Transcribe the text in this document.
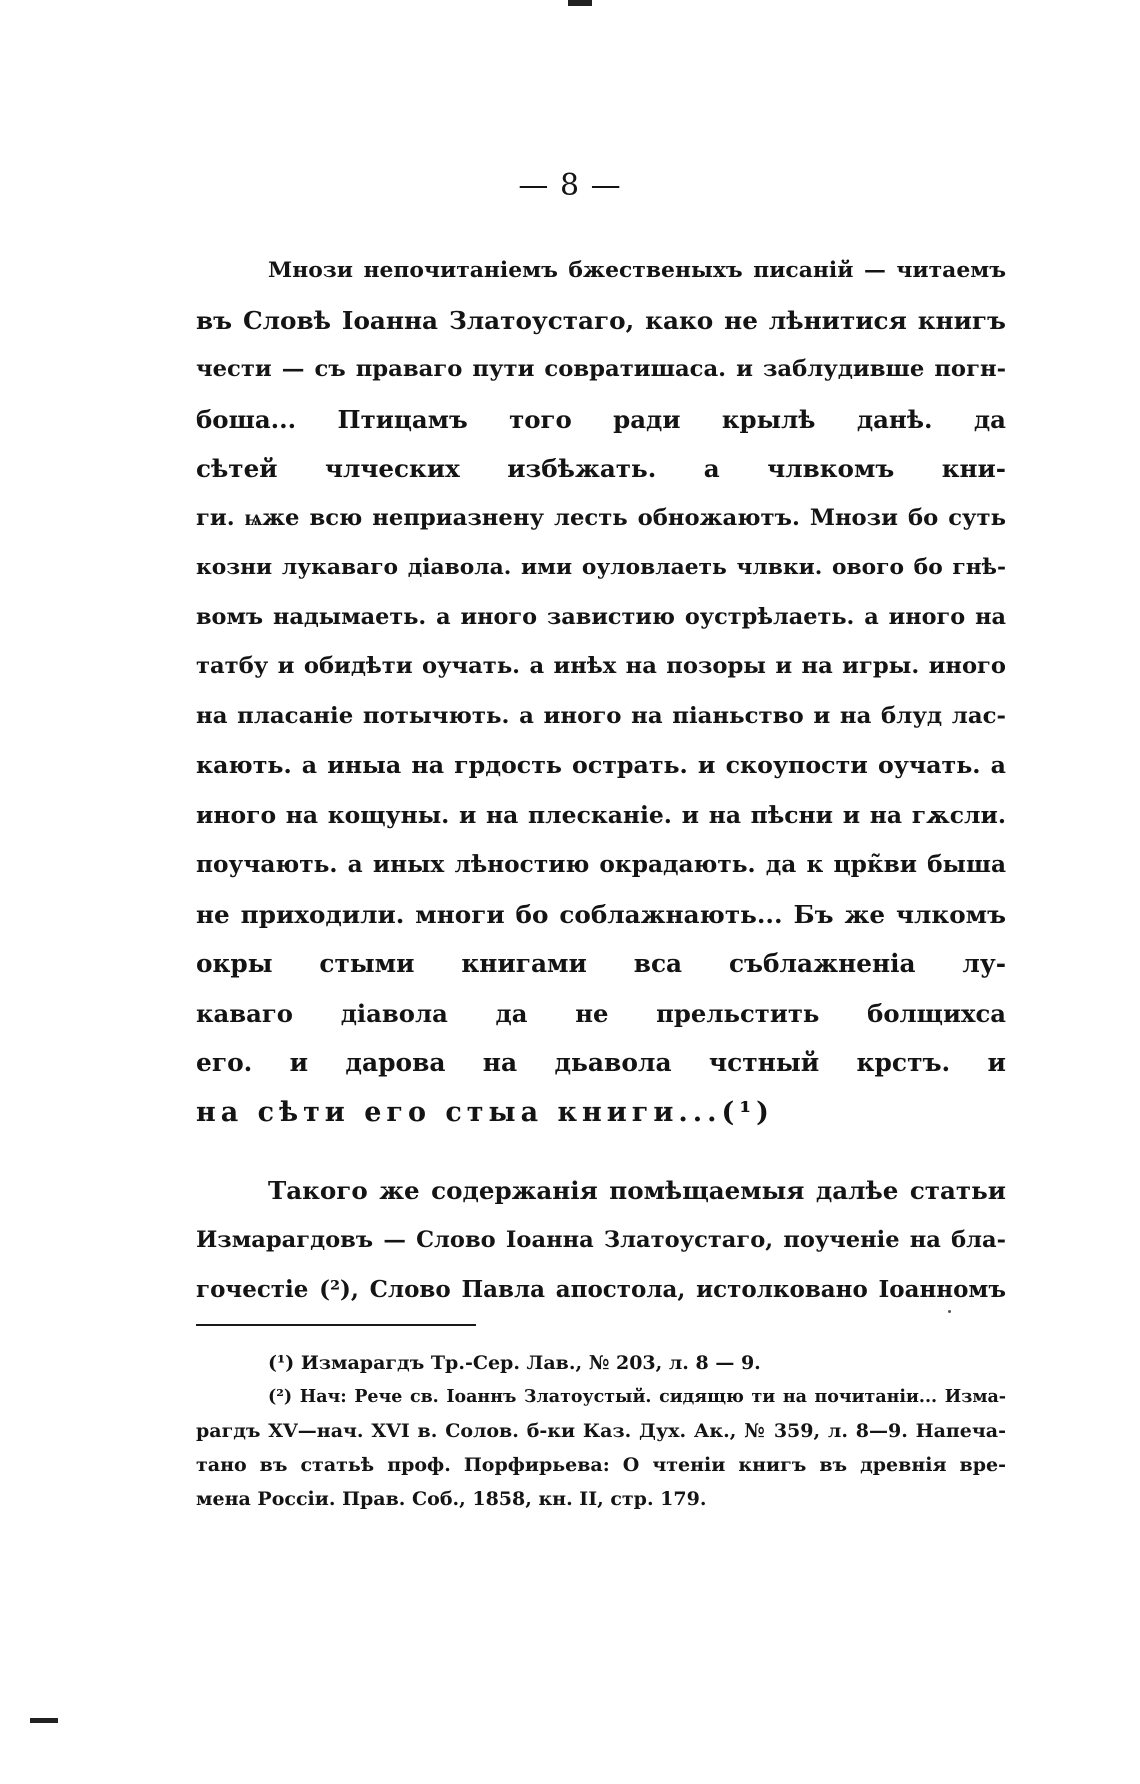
— 8 —
Мнози непочитаніемъ бжественыхъ писаній — читаемъ
въ Словѣ Іоанна Златоустаго, како не лѣнитися книгъ
чести — съ праваго пути совратишаса. и заблудивше погн-
боша... Птицамъ того ради крылѣ данѣ. да
сѣтей члческих избѣжать. а члвкомъ кни-
ги. ѩже всю неприазнену лесть обножаютъ. Мнози бо суть
козни лукаваго діавола. ими оуловлаеть члвки. ового бо гнѣ-
вомъ надымаеть. а иного завистию оустрѣлаеть. а иного на
татбу и обидѣти оучать. а инѣх на позоры и на игры. иного
на пласаніе потычють. а иного на піаньство и на блуд лас-
кають. а иныа на грдость острать. и скоупости оучать. а
иного на кощуны. и на плесканіе. и на пѣсни и на гѫсли.
поучають. а иных лѣностию окрадають. да к црк̃ви быша
не приходили. многи бо соблажнають... Бъ же члкомъ
окры стыми книгами вса съблажненіа лу-
каваго діавола да не прельстить болщихса
его. и дарова на дьавола чстный крстъ. и
на сѣти его стыа книги...(¹)
Такого же содержанія помѣщаемыя далѣе статьи
Измарагдовъ — Слово Іоанна Златоустаго, поученіе на бла-
гочестіе (²), Слово Павла апостола, истолковано Іоанномъ
(¹) Измарагдъ Тр.-Сер. Лав., № 203, л. 8 — 9.
(²) Нач: Рече св. Іоаннъ Златоустый. сидящю ти на почитаніи... Изма-
рагдъ XV—нач. XVI в. Солов. б-ки Каз. Дух. Ак., № 359, л. 8—9. Напеча-
тано въ статьѣ проф. Порфирьева: О чтеніи книгъ въ древнія вре-
мена Россіи. Прав. Соб., 1858, кн. II, стр. 179.
